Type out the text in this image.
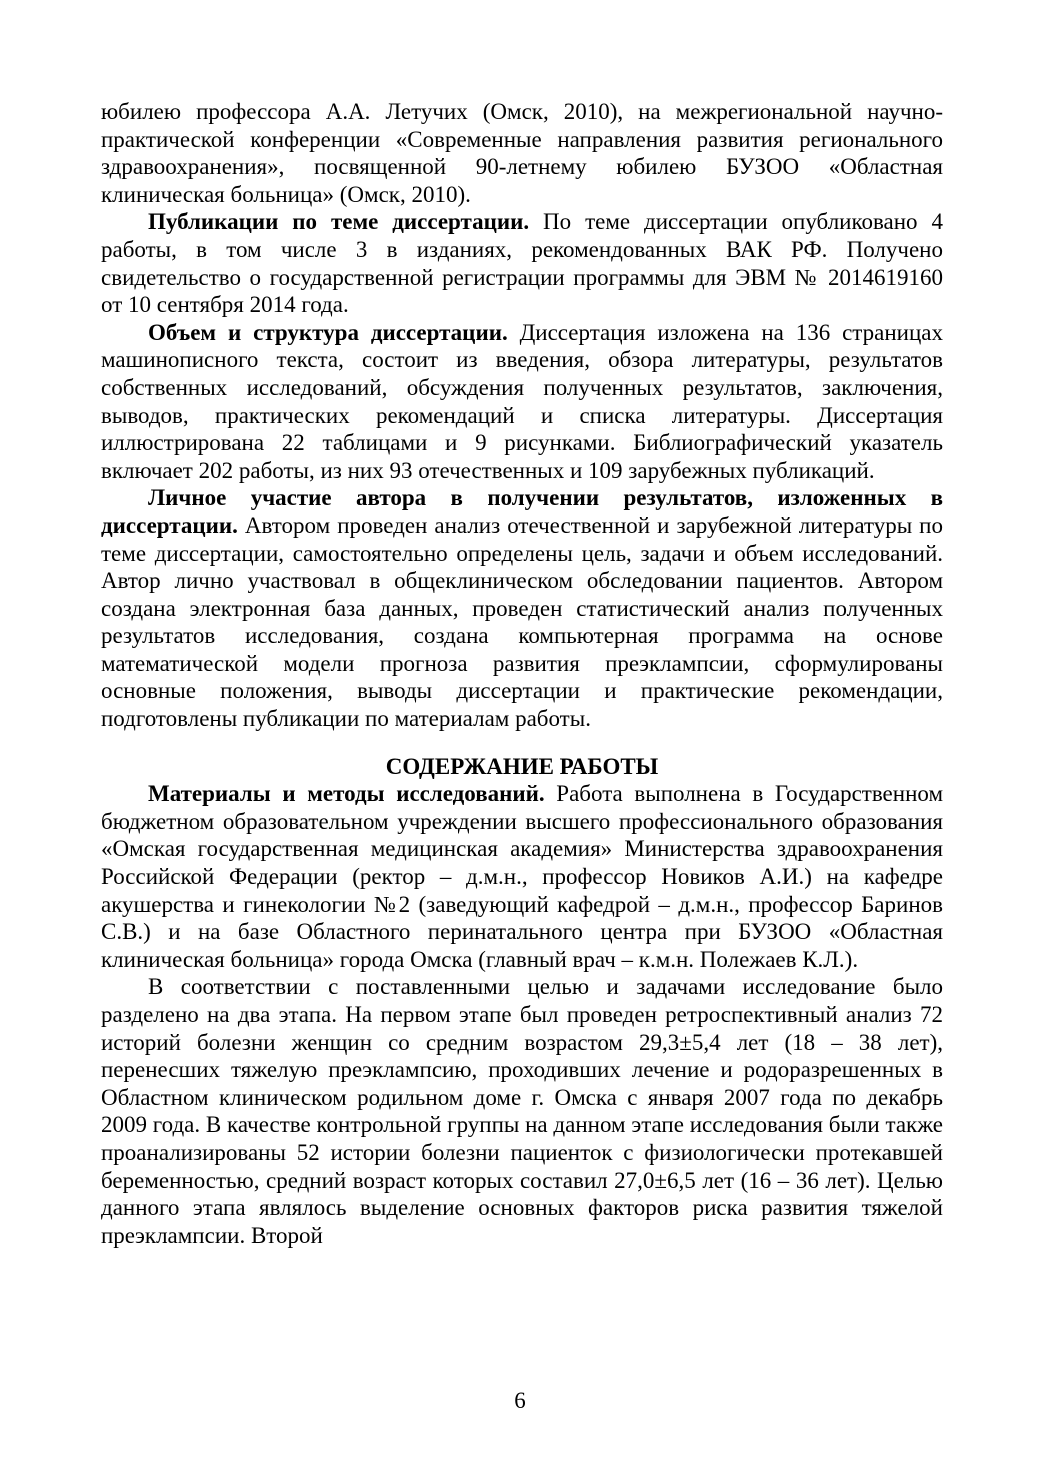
юбилею профессора А.А. Летучих (Омск, 2010), на межрегиональной научно-практической конференции «Современные направления развития регионального здравоохранения», посвященной 90-летнему юбилею БУЗОО «Областная клиническая больница» (Омск, 2010).

Публикации по теме диссертации. По теме диссертации опубликовано 4 работы, в том числе 3 в изданиях, рекомендованных ВАК РФ. Получено свидетельство о государственной регистрации программы для ЭВМ № 2014619160 от 10 сентября 2014 года.

Объем и структура диссертации. Диссертация изложена на 136 страницах машинописного текста, состоит из введения, обзора литературы, результатов собственных исследований, обсуждения полученных результатов, заключения, выводов, практических рекомендаций и списка литературы. Диссертация иллюстрирована 22 таблицами и 9 рисунками. Библиографический указатель включает 202 работы, из них 93 отечественных и 109 зарубежных публикаций.

Личное участие автора в получении результатов, изложенных в диссертации. Автором проведен анализ отечественной и зарубежной литературы по теме диссертации, самостоятельно определены цель, задачи и объем исследований. Автор лично участвовал в общеклиническом обследовании пациентов. Автором создана электронная база данных, проведен статистический анализ полученных результатов исследования, создана компьютерная программа на основе математической модели прогноза развития преэклампсии, сформулированы основные положения, выводы диссертации и практические рекомендации, подготовлены публикации по материалам работы.

СОДЕРЖАНИЕ РАБОТЫ

Материалы и методы исследований. Работа выполнена в Государственном бюджетном образовательном учреждении высшего профессионального образования «Омская государственная медицинская академия» Министерства здравоохранения Российской Федерации (ректор – д.м.н., профессор Новиков А.И.) на кафедре акушерства и гинекологии №2 (заведующий кафедрой – д.м.н., профессор Баринов С.В.) и на базе Областного перинатального центра при БУЗОО «Областная клиническая больница» города Омска (главный врач – к.м.н. Полежаев К.Л.).

В соответствии с поставленными целью и задачами исследование было разделено на два этапа. На первом этапе был проведен ретроспективный анализ 72 историй болезни женщин со средним возрастом 29,3±5,4 лет (18 – 38 лет), перенесших тяжелую преэклампсию, проходивших лечение и родоразрешенных в Областном клиническом родильном доме г. Омска с января 2007 года по декабрь 2009 года. В качестве контрольной группы на данном этапе исследования были также проанализированы 52 истории болезни пациенток с физиологически протекавшей беременностью, средний возраст которых составил 27,0±6,5 лет (16 – 36 лет). Целью данного этапа являлось выделение основных факторов риска развития тяжелой преэклампсии. Второй

6
